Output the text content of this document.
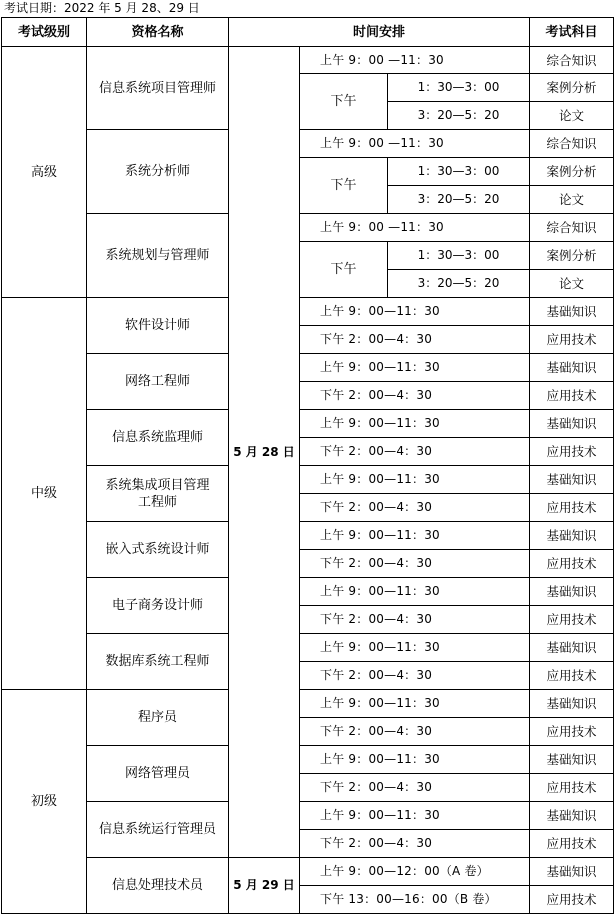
考试日期：2022 年 5 月 28、29 日
考试级别	资格名称	时间安排			考试科目
高级	信息系统项目管理师	5 月 28 日	上午 9：00 —11：30		综合知识
			下午	1：30—3：00	案例分析
				3：20—5：20	论文
	系统分析师		上午 9：00 —11：30		综合知识
			下午	1：30—3：00	案例分析
				3：20—5：20	论文
	系统规划与管理师		上午 9：00 —11：30		综合知识
			下午	1：30—3：00	案例分析
				3：20—5：20	论文
中级	软件设计师		上午 9：00—11：30		基础知识
			下午 2：00—4：30		应用技术
	网络工程师		上午 9：00—11：30		基础知识
			下午 2：00—4：30		应用技术
	信息系统监理师		上午 9：00—11：30		基础知识
			下午 2：00—4：30		应用技术

	系统集成项目管理
工程师		上午 9：00—11：30		基础知识
			下午 2：00—4：30		应用技术
	嵌入式系统设计师		上午 9：00—11：30		基础知识
			下午 2：00—4：30		应用技术
	电子商务设计师		上午 9：00—11：30		基础知识
			下午 2：00—4：30		应用技术
	数据库系统工程师		上午 9：00—11：30		基础知识
			下午 2：00—4：30		应用技术
初级	程序员		上午 9：00—11：30		基础知识
			下午 2：00—4：30		应用技术
	网络管理员		上午 9：00—11：30		基础知识
			下午 2：00—4：30		应用技术
	信息系统运行管理员		上午 9：00—11：30		基础知识
			下午 2：00—4：30		应用技术
	信息处理技术员	5 月 29 日	上午 9：00—12：00（A 卷）		基础知识
			下午 13：00—16：00（B 卷）		应用技术
